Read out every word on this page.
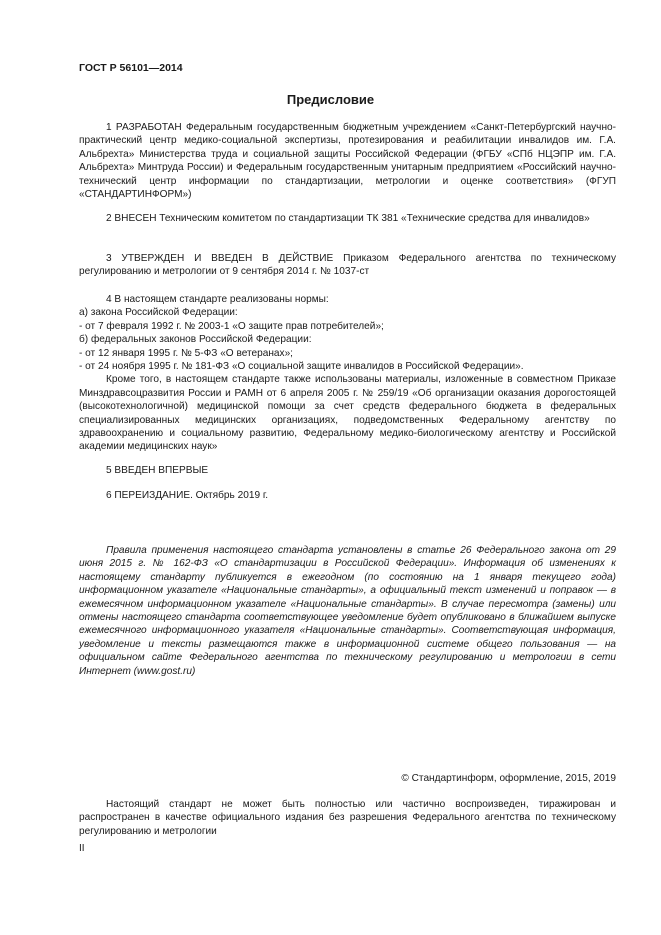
ГОСТ Р 56101—2014
Предисловие

1 РАЗРАБОТАН Федеральным государственным бюджетным учреждением «Санкт-Петербургский научно-практический центр медико-социальной экспертизы, протезирования и реабилитации инвалидов им. Г.А. Альбрехта» Министерства труда и социальной защиты Российской Федерации (ФГБУ «СПб НЦЭПР им. Г.А. Альбрехта» Минтруда России) и Федеральным государственным унитарным предприятием «Российский научно-технический центр информации по стандартизации, метрологии и оценке соответствия» (ФГУП «СТАНДАРТИНФОРМ»)

2 ВНЕСЕН Техническим комитетом по стандартизации ТК 381 «Технические средства для инвалидов»

3 УТВЕРЖДЕН И ВВЕДЕН В ДЕЙСТВИЕ Приказом Федерального агентства по техническому регулированию и метрологии от 9 сентября 2014 г. № 1037-ст

4 В настоящем стандарте реализованы нормы:

а) закона Российской Федерации:

- от 7 февраля 1992 г. № 2003-1 «О защите прав потребителей»;

б) федеральных законов Российской Федерации:

- от 12 января 1995 г. № 5-ФЗ «О ветеранах»;

- от 24 ноября 1995 г. № 181-ФЗ «О социальной защите инвалидов в Российской Федерации».

Кроме того, в настоящем стандарте также использованы материалы, изложенные в совместном Приказе Минздравсоцразвития России и РАМН от 6 апреля 2005 г. № 259/19 «Об организации оказания дорогостоящей (высокотехнологичной) медицинской помощи за счет средств федерального бюджета в федеральных специализированных медицинских организациях, подведомственных Федеральному агентству по здравоохранению и социальному развитию, Федеральному медико-биологическому агентству и Российской академии медицинских наук»

5 ВВЕДЕН ВПЕРВЫЕ

6 ПЕРЕИЗДАНИЕ. Октябрь 2019 г.

Правила применения настоящего стандарта установлены в статье 26 Федерального закона от 29 июня 2015 г. № 162-ФЗ «О стандартизации в Российской Федерации». Информация об изменениях к настоящему стандарту публикуется в ежегодном (по состоянию на 1 января текущего года) информационном указателе «Национальные стандарты», а официальный текст изменений и поправок — в ежемесячном информационном указателе «Национальные стандарты». В случае пересмотра (замены) или отмены настоящего стандарта соответствующее уведомление будет опубликовано в ближайшем выпуске ежемесячного информационного указателя «Национальные стандарты». Соответствующая информация, уведомление и тексты размещаются также в информационной системе общего пользования — на официальном сайте Федерального агентства по техническому регулированию и метрологии в сети Интернет (www.gost.ru)

© Стандартинформ, оформление, 2015, 2019

Настоящий стандарт не может быть полностью или частично воспроизведен, тиражирован и распространен в качестве официального издания без разрешения Федерального агентства по техническому регулированию и метрологии

II
